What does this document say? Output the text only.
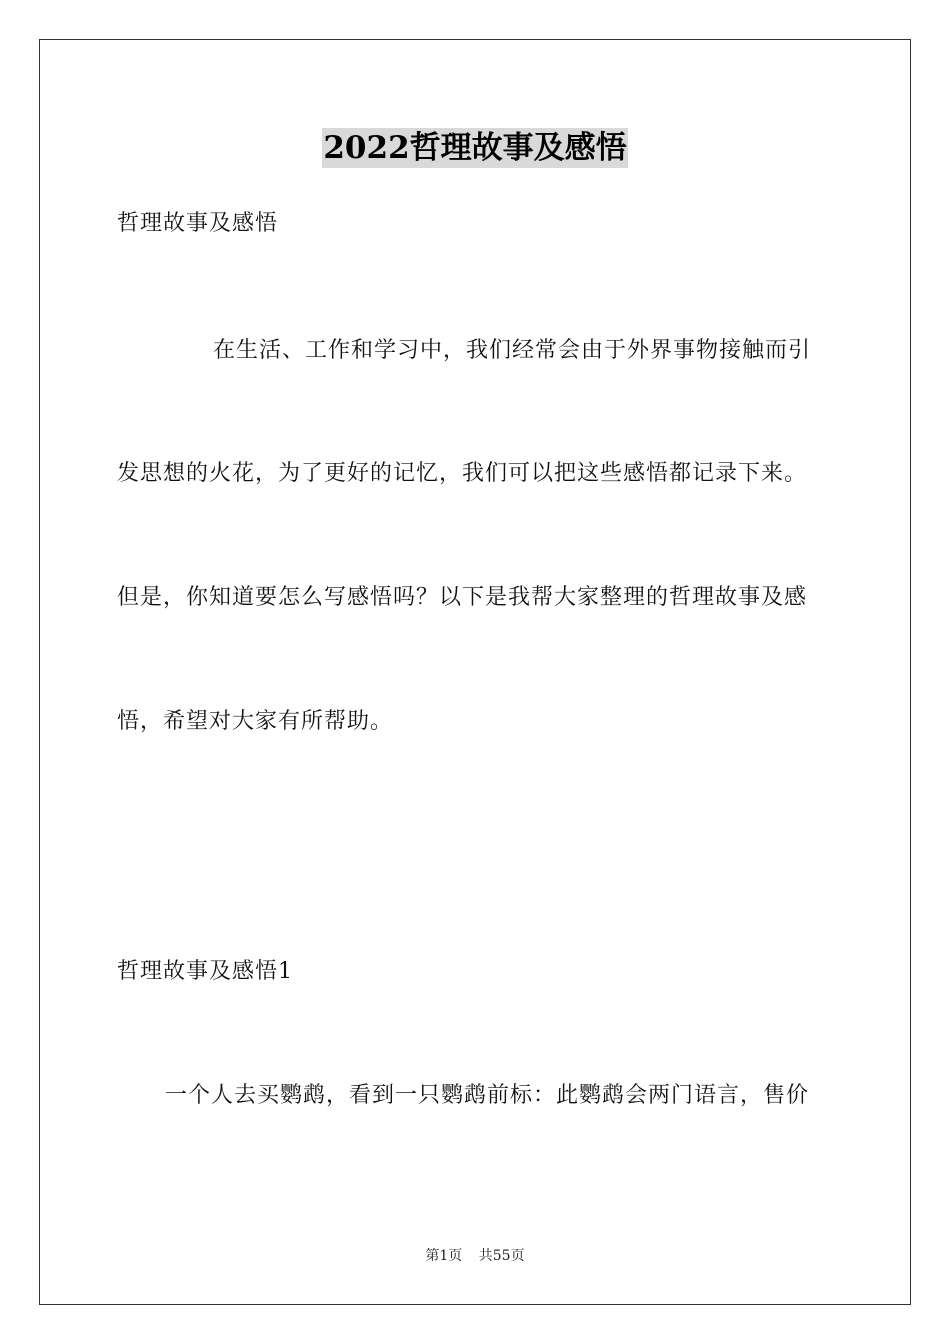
2022哲理故事及感悟
哲理故事及感悟
在生活、工作和学习中，我们经常会由于外界事物接触而引
发思想的火花，为了更好的记忆，我们可以把这些感悟都记录下来。
但是，你知道要怎么写感悟吗？以下是我帮大家整理的哲理故事及感
悟，希望对大家有所帮助。
哲理故事及感悟1
一个人去买鹦鹉，看到一只鹦鹉前标：此鹦鹉会两门语言，售价
第1页 共55页
